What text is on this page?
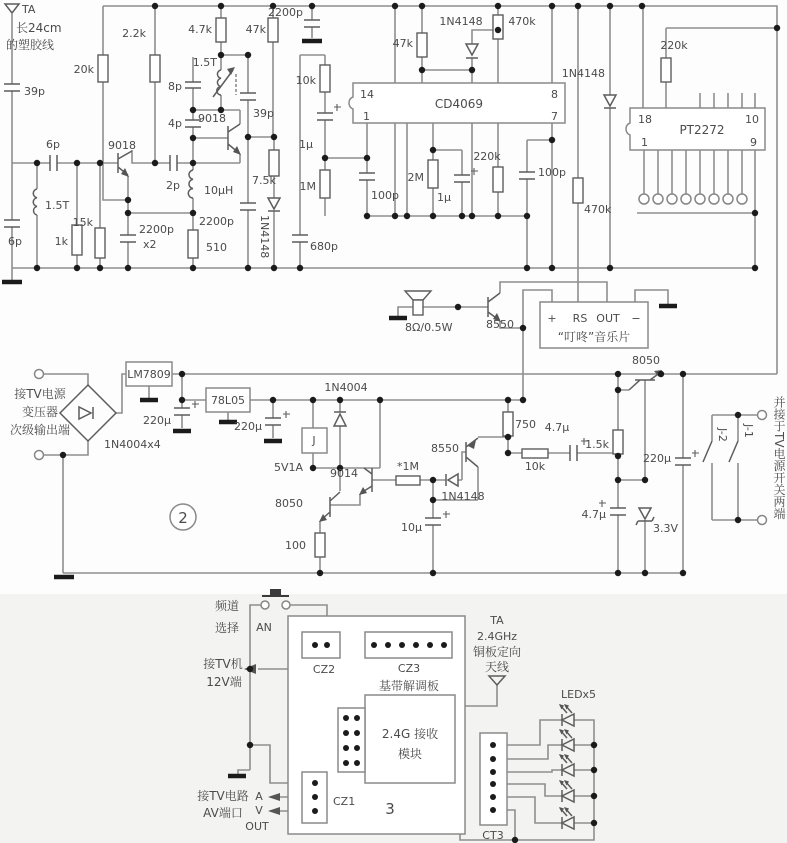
TA
长24cm
的塑胶线
39p
6p
1.5T
6p	1k
15k
20k
2.2k
9018
2200p
x2
2p 10μH
510
8p
4p
1.5T
9018 39p
7.5k
1N4148
2200p
4.7k	47k
2200p
10k
1μ
1M
680p
100p
47k
1N4148 470k
CD4069
14
1
8
7
2M
1μ
220k
100p
1N4148
470k
220k
PT2272
18
1
10
9
8Ω/0.5W	8550	+ RS OUT −
“叮咚”音乐片
2
接TV电源
变压器
次级输出端
1N4004x4
LM7809
220μ
78L05
220μ
1N4004
J
5V1A 9014
*1M
8550
1N4148
750
10μ
8050
100
10k
4.7μ
1.5k
8050
220μ
4.7μ
3.3V
J-1
J-2	并接于TV电源开关两端
3
频道
选择 AN
接TV机
12V端
CZ2	CZ3
基带解调板
2.4G 接收
模块
TA
2.4GHz
铜板定向
天线
LEDx5
CT3
接TV电路
AV端口
A
V
OUT
CZ1
